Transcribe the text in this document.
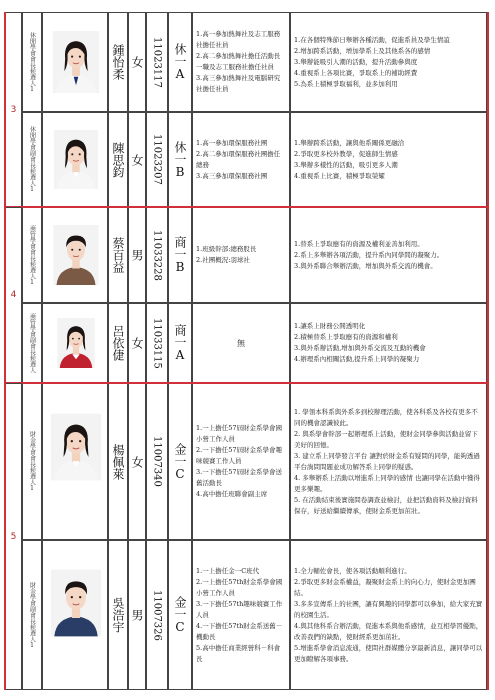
休閒學會會長候選人1	鍾怡柔 女 11023117 休一A
1.高一參加熱舞社及志工服務社擔任社員
2.高二參加熱舞社擔任活動長一職及志工服務社擔任社員
3.高三參加熱舞社及電腦研究社擔任社員
1.在各個特殊節日舉辦各種活動，促進系員及學生情誼
2.增加跨系活動，增加學系上及其他系各的感情
3.舉辦能吸引人潮的活動，提升活動參與度
4.重視系上各項比賽，爭取系上的補助經費
5.為系上積極爭取福利，並多加利用
休閒學會副會長候選人1	陳思鈞 女 11023207 休一B 1.高一參加環保服務社團
2.高二參加環保服務社團擔任總務
3.高三參加環保服務社團
1.舉辦跨系活動，讓與他系關係更融洽
2.爭取更多校外教學，促進師生情感
3.舉辦多樣性的活動，吸引更多人潮
4.重視系上比賽，積極爭取榮耀
商管學會會長候選人1	蔡百益 男 11033228 商一B 1.班級幹部:總務股長
2.社團概況:羽球社
1.替系上爭取應有的資源及權利並善加利用。
2.系上多舉辦各項活動，提升系內同學間的凝聚力。
3.與外系聯合舉辦活動，增加與外系交流的機會。
商管學會副會長候選人	呂依倢 女 11033115 商一A	無
1.讓系上財務公開透明化
2.積極替系上爭取應有的資源和權利
3.與外系辦活動,增加與外系交流及互動的機會
4.辦理系內相關活動,提升系上同學的凝聚力
財金學會會長候選人1	楊佩萊 女 11007340 金一C
1.一上擔任57屆財金系學會國小營工作人員
2.一下擔任57屆財金系學會趣味競賽工作人員
3.一下擔任57屆財金系學會送舊活動長
4.高中擔任班聯會副主席
1. 學領本科系與外系多到校辦理活動，使各科系及各校有更多不同的機會認識彼此。
2. 與系學會幹部一起辦理系上活動，使財金同學參與活動並留下美好的回憶。
3. 建立系上同學發言平台 讓對於財金系有疑問的同學，能夠透過平台詢問問題並成功解答系上同學的疑惑。
4. 多舉辦系上活動以增進系上同學的感情 也讓同學在活動中獲得更多樂趣。
5. 在活動結束後實施問卷調查並檢討，並把活動資料及檢討資料保存，好送給繼續傳承，使財金系更加茁壯。
財金學會副會長候選人1	吳浩宇 男 11007326 金一C
1.一上擔任金一C班代
2.一上擔任57th財金系學會國小營工作人員
3.一下擔任57th趣味競賽工作人員
4.一下擔任57th財金系送舊－機動長
5.高中擔任商業經營科－科會長
1.全力輔佐會長，使各項活動順利進行。
2.爭取更多財金系權益，凝聚財金系上的向心力，使財金更加團結。
3.多多宣傳系上的社團，讓有興趣的同學都可以參加，給大家充實的校園生活。
4.與其他科系合辦活動，促進本系與他系感情，並互相學習優點，改善我們的缺點，使財經系更加茁壯。
5.增進系學會消息流通，使問社群媒體分享最新消息，讓同學可以更加瞭解各項事務。
3
4
5
